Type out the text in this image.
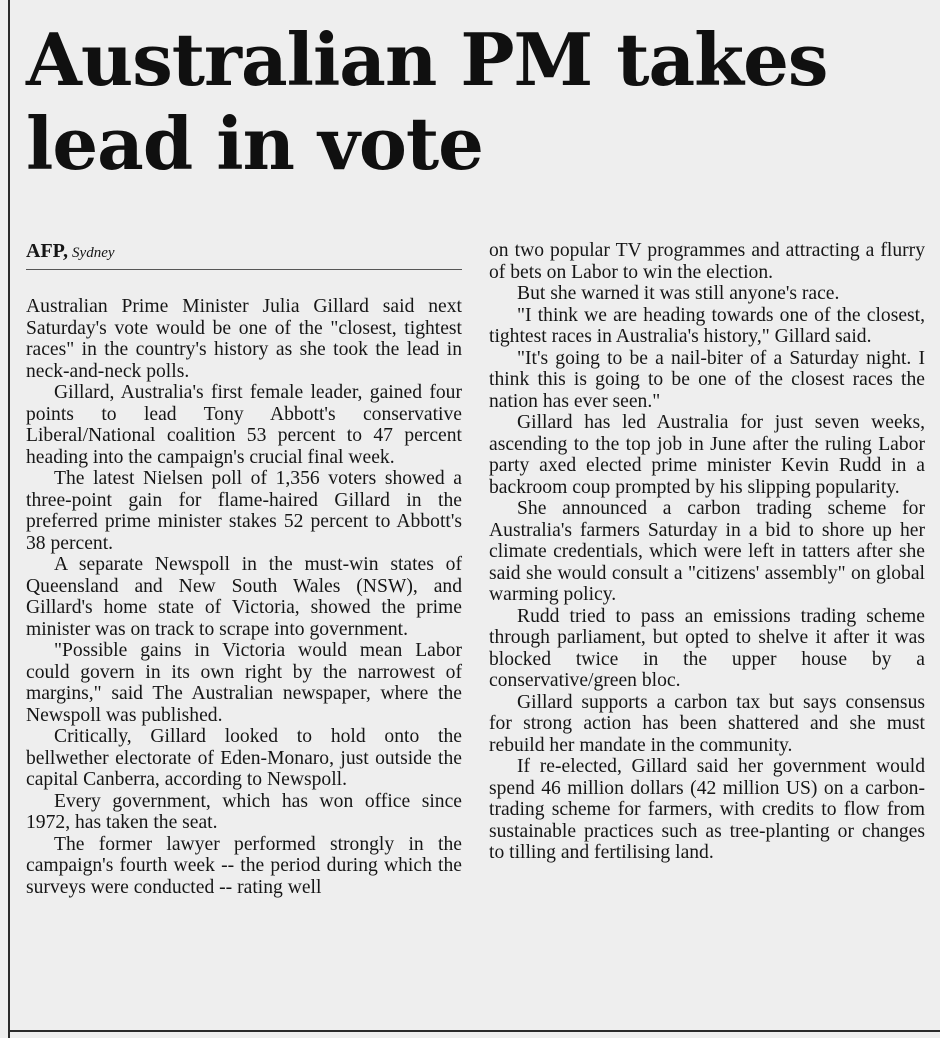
Australian PM takes lead in vote
AFP, Sydney

Australian Prime Minister Julia Gillard said next Saturday's vote would be one of the "closest, tightest races" in the country's history as she took the lead in neck-and-neck polls.

Gillard, Australia's first female leader, gained four points to lead Tony Abbott's conservative Liberal/National coalition 53 percent to 47 percent heading into the campaign's crucial final week.

The latest Nielsen poll of 1,356 voters showed a three-point gain for flame-haired Gillard in the preferred prime minister stakes 52 percent to Abbott's 38 percent.

A separate Newspoll in the must-win states of Queensland and New South Wales (NSW), and Gillard's home state of Victoria, showed the prime minister was on track to scrape into government.

"Possible gains in Victoria would mean Labor could govern in its own right by the narrowest of margins," said The Australian newspaper, where the Newspoll was published.

Critically, Gillard looked to hold onto the bellwether electorate of Eden-Monaro, just outside the capital Canberra, according to Newspoll.

Every government, which has won office since 1972, has taken the seat.

The former lawyer performed strongly in the campaign's fourth week -- the period during which the surveys were conducted -- rating well

on two popular TV programmes and attracting a flurry of bets on Labor to win the election.

But she warned it was still anyone's race.

"I think we are heading towards one of the closest, tightest races in Australia's history," Gillard said.

"It's going to be a nail-biter of a Saturday night. I think this is going to be one of the closest races the nation has ever seen."

Gillard has led Australia for just seven weeks, ascending to the top job in June after the ruling Labor party axed elected prime minister Kevin Rudd in a backroom coup prompted by his slipping popularity.

She announced a carbon trading scheme for Australia's farmers Saturday in a bid to shore up her climate credentials, which were left in tatters after she said she would consult a "citizens' assembly" on global warming policy.

Rudd tried to pass an emissions trading scheme through parliament, but opted to shelve it after it was blocked twice in the upper house by a conservative/green bloc.

Gillard supports a carbon tax but says consensus for strong action has been shattered and she must rebuild her mandate in the community.

If re-elected, Gillard said her government would spend 46 million dollars (42 million US) on a carbon-trading scheme for farmers, with credits to flow from sustainable practices such as tree-planting or changes to tilling and fertilising land.
